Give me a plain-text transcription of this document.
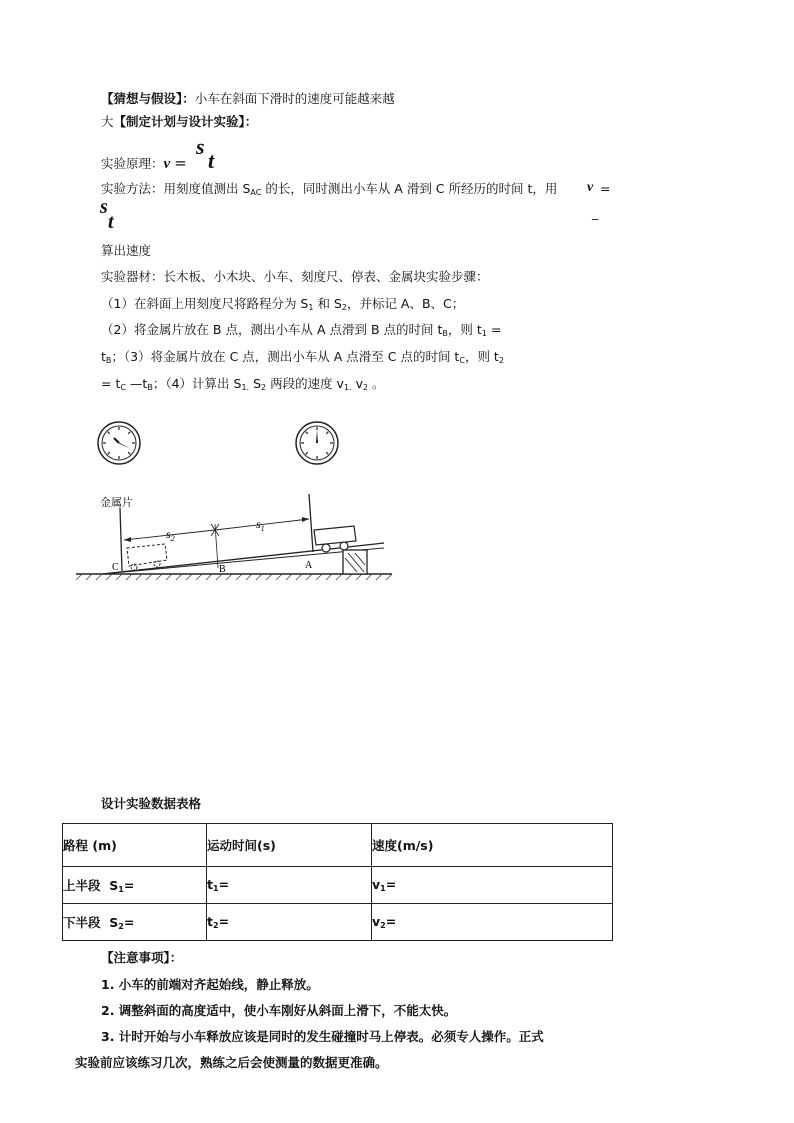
【猜想与假设】：小车在斜面下滑时的速度可能越来越
大【制定计划与设计实验】：
实验原理：v =
s
t
实验方法：用刻度值测出 $S_{AC}$ 的长，同时测出小车从 A 滑到 C 所经历的时间 t，用 v =
s
t	_
算出速度
实验器材：长木板、小木块、小车、刻度尺、停表、金属块实验步骤：
（1）在斜面上用刻度尺将路程分为 $S_1$ 和 $S_2$，并标记 A、B、C；
（2）将金属片放在 B 点，测出小车从 A 点滑到 B 点的时间 $t_B$，则 $t_1$ =
$t_B$；（3）将金属片放在 C 点，测出小车从 A 点滑至 C 点的时间 $t_C$，则 $t_2$
= $t_C$ $—t_B$；（4）计算出 $S_{1.}$ $S_2$ 两段的速度 $v_{1.}$ $v_2$ 。
金属片
$s_2$
$s_1$
C	B	A
设计实验数据表格
路程 (m)	运动时间(s)	速度(m/s)
上半段 $S_1=$	$t_1=$	$v_1=$
下半段 $S_2=$	$t_2=$	$v_2=$
【注意事项】：
1. 小车的前端对齐起始线，静止释放。
2. 调整斜面的高度适中，使小车刚好从斜面上滑下，不能太快。
3. 计时开始与小车释放应该是同时的发生碰撞时马上停表。必须专人操作。正式
实验前应该练习几次，熟练之后会使测量的数据更准确。
